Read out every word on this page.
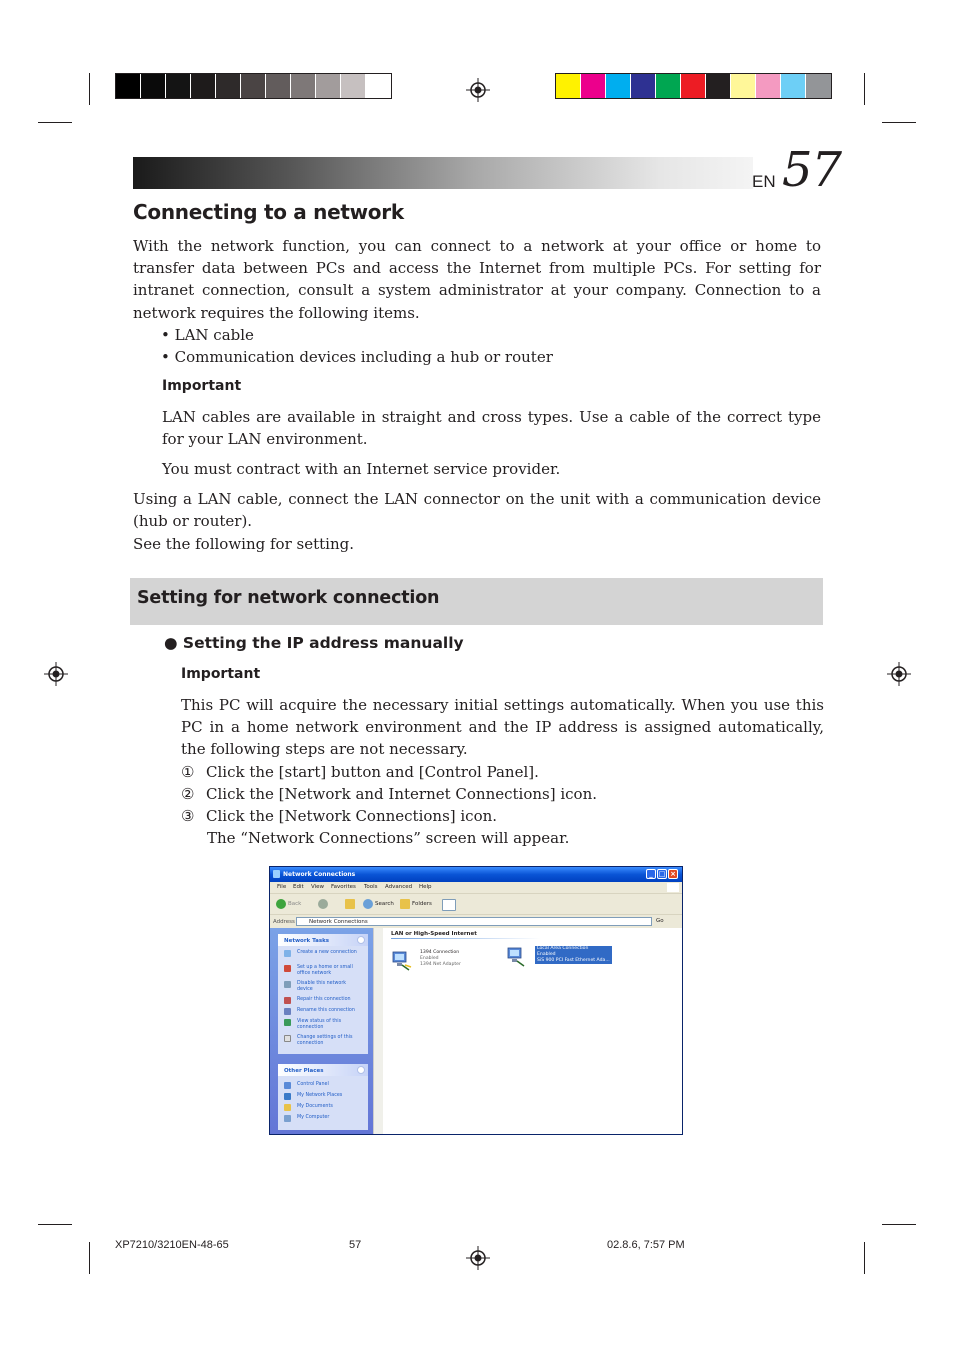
EN 57
Connecting to a network

With the network function, you can connect to a network at your office or home to transfer data between PCs and access the Internet from multiple PCs. For setting for intranet connection, consult a system administrator at your company. Connection to a network requires the following items.

• LAN cable
• Communication devices including a hub or router
Important

LAN cables are available in straight and cross types. Use a cable of the correct type for your LAN environment.

You must contract with an Internet service provider.

Using a LAN cable, connect the LAN connector on the unit with a communication device (hub or router).

See the following for setting.

Setting for network connection
● Setting the IP address manually
Important

This PC will acquire the necessary initial settings automatically. When you use this PC in a home network environment and the IP address is assigned automatically, the following steps are not necessary.

① Click the [start] button and [Control Panel].
② Click the [Network and Internet Connections] icon.
③ Click the [Network Connections] icon.
The “Network Connections” screen will appear.
Network Connections	_ □ ×
File Edit View Favorites Tools Advanced Help
Back	Search	Folders
Address	Network Connections	Go
Network Tasks
Create a new connection
Set up a home or small office network
Disable this network device
Repair this connection
Rename this connection
View status of this connection
Change settings of this connection
Other Places
Control Panel
My Network Places
My Documents
My Computer
LAN or High-Speed Internet
1394 Connection
Enabled
1394 Net Adapter
Local Area Connection
Enabled
SiS 900 PCI Fast Ethernet Ada...
XP7210/3210EN-48-65	57	02.8.6, 7:57 PM
